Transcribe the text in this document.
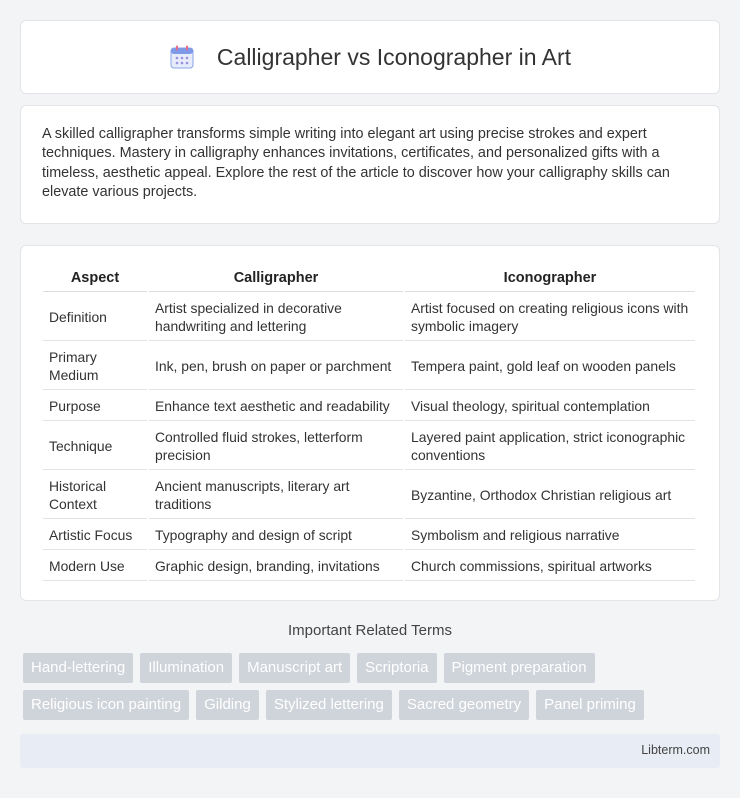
Calligrapher vs Iconographer in Art

A skilled calligrapher transforms simple writing into elegant art using precise strokes and expert techniques. Mastery in calligraphy enhances invitations, certificates, and personalized gifts with a timeless, aesthetic appeal. Explore the rest of the article to discover how your calligraphy skills can elevate various projects.

Aspect	Calligrapher	Iconographer
Definition	Artist specialized in decorative handwriting and lettering	Artist focused on creating religious icons with symbolic imagery
Primary Medium	Ink, pen, brush on paper or parchment	Tempera paint, gold leaf on wooden panels
Purpose	Enhance text aesthetic and readability	Visual theology, spiritual contemplation
Technique	Controlled fluid strokes, letterform precision	Layered paint application, strict iconographic conventions
Historical Context	Ancient manuscripts, literary art traditions	Byzantine, Orthodox Christian religious art
Artistic Focus	Typography and design of script	Symbolism and religious narrative
Modern Use	Graphic design, branding, invitations	Church commissions, spiritual artworks
Important Related Terms
Hand-lettering	Illumination	Manuscript art	Scriptoria	Pigment preparation
Religious icon painting	Gilding	Stylized lettering	Sacred geometry	Panel priming
Libterm.com
